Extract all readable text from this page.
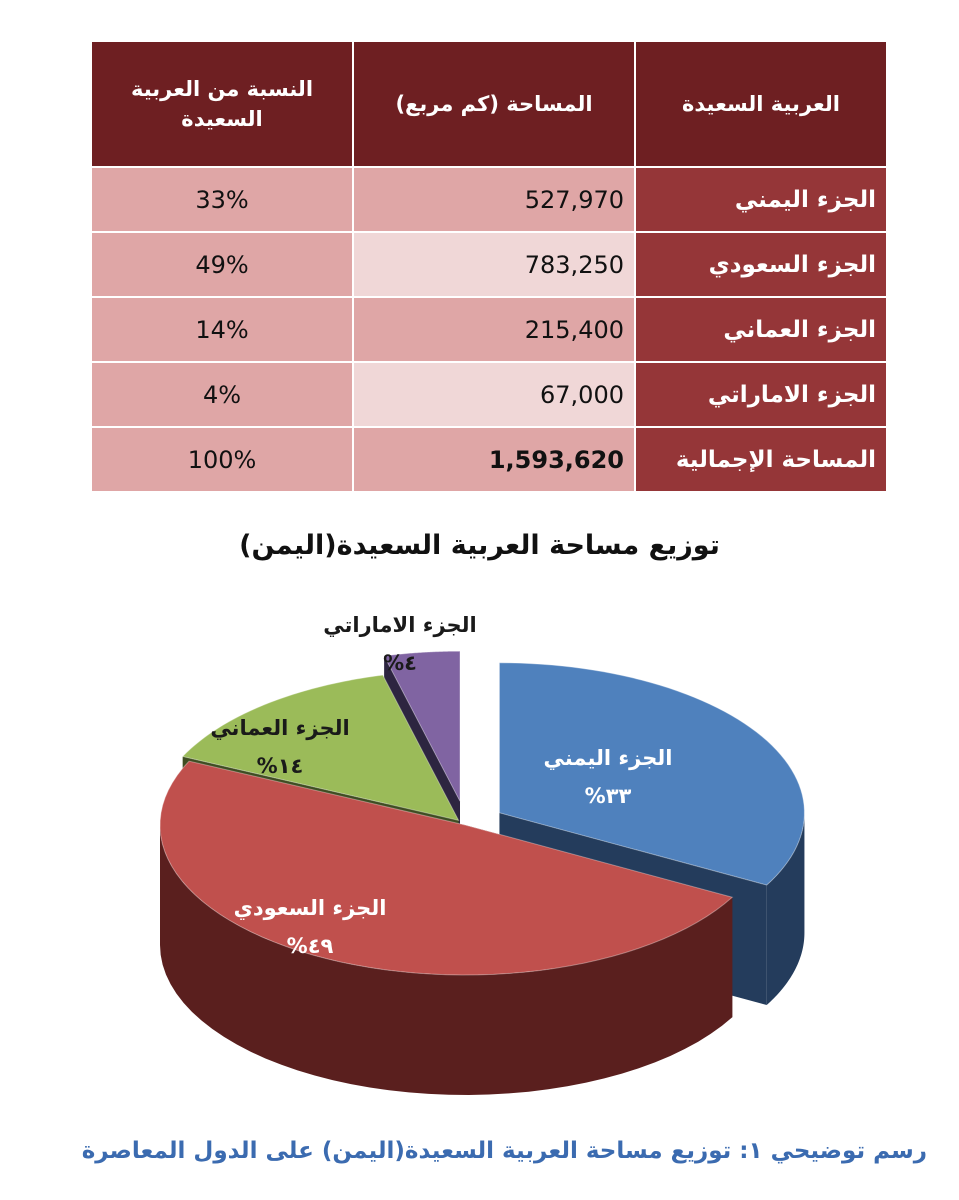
النسبة من العربية
السعيدة	المساحة (كم مربع)	العربية السعيدة
33%	527,970	الجزء اليمني
49%	783,250	الجزء السعودي
14%	215,400	الجزء العماني
4%	67,000	الجزء الاماراتي
100%	1,593,620	المساحة الإجمالية
توزيع مساحة العربية السعيدة(اليمن)
الجزء اليمني
%٣٣
الجزء السعودي
%٤٩
الجزء العماني
%١٤
الجزء الاماراتي
%٤
رسم توضيحي ١: توزيع مساحة العربية السعيدة(اليمن) على الدول المعاصرة
